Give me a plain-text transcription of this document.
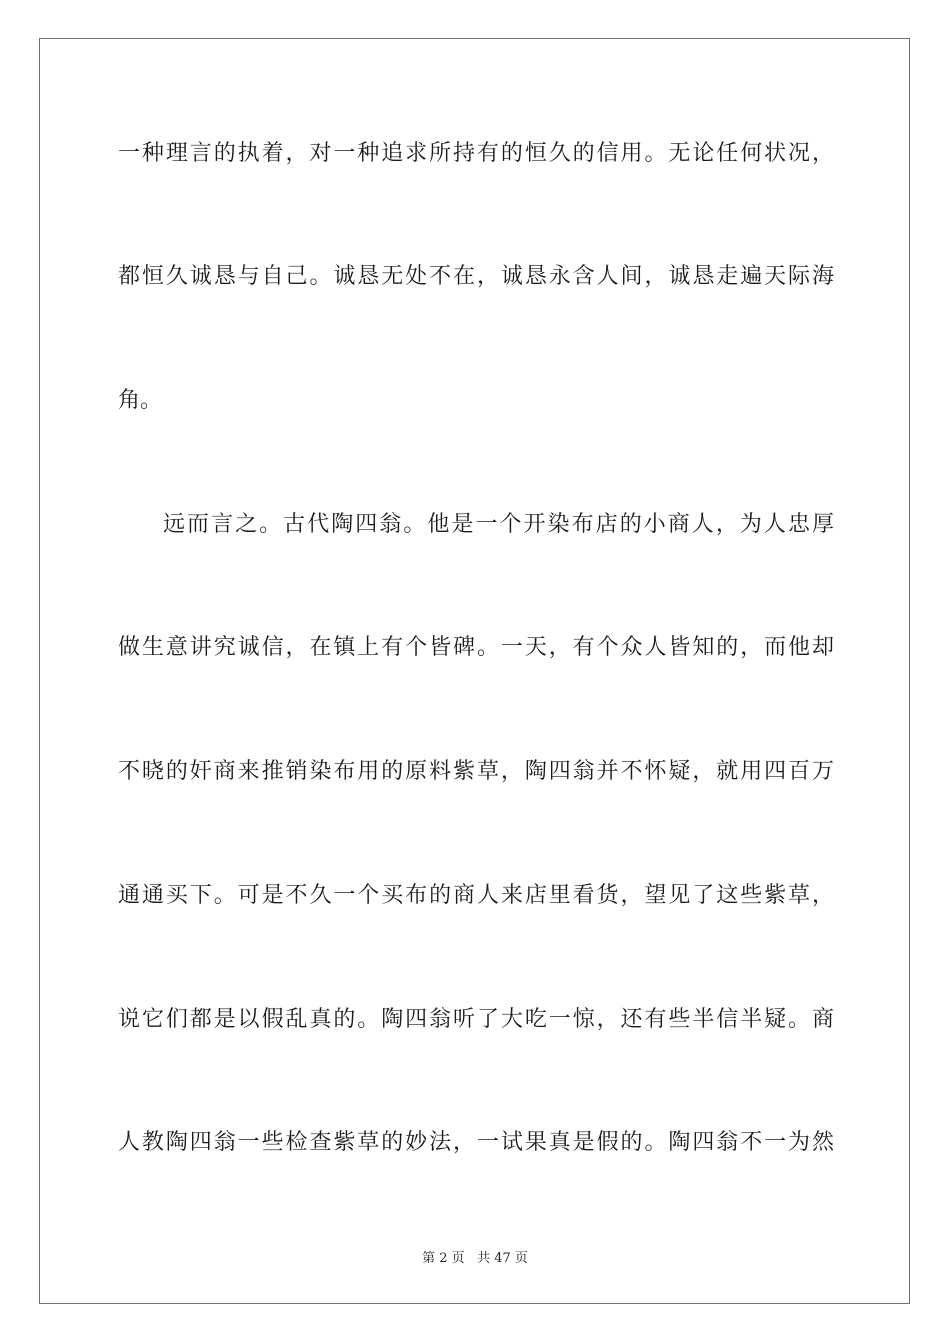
一种理言的执着，对一种追求所持有的恒久的信用。无论任何状况，
都恒久诚恳与自己。诚恳无处不在，诚恳永含人间，诚恳走遍天际海
角。
远而言之。古代陶四翁。他是一个开染布店的小商人，为人忠厚
做生意讲究诚信，在镇上有个皆碑。一天，有个众人皆知的，而他却
不晓的奸商来推销染布用的原料紫草，陶四翁并不怀疑，就用四百万
通通买下。可是不久一个买布的商人来店里看货，望见了这些紫草，
说它们都是以假乱真的。陶四翁听了大吃一惊，还有些半信半疑。商
人教陶四翁一些检查紫草的妙法，一试果真是假的。陶四翁不一为然
第 2 页 共 47 页
